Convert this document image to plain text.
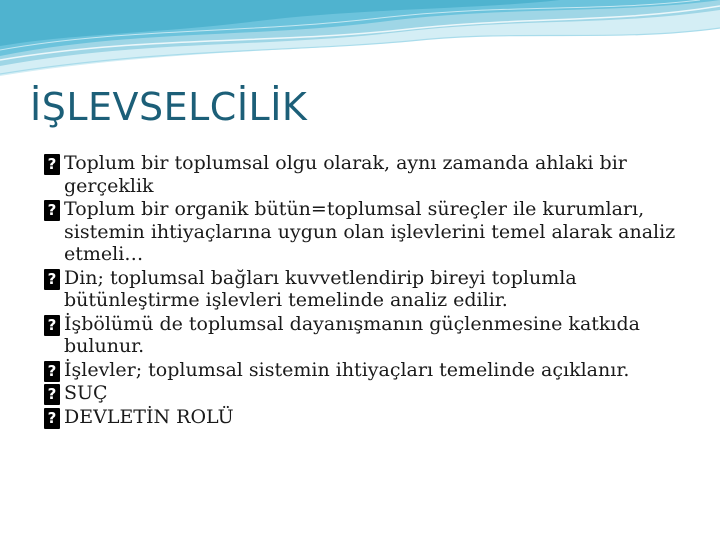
İŞLEVSELCİLİK
? Toplum bir toplumsal olgu olarak, aynı zamanda ahlaki bir gerçeklik
? Toplum bir organik bütün=toplumsal süreçler ile kurumları, sistemin ihtiyaçlarına uygun olan işlevlerini temel alarak analiz etmeli…
? Din; toplumsal bağları kuvvetlendirip bireyi toplumla bütünleştirme işlevleri temelinde analiz edilir.
? İşbölümü de toplumsal dayanışmanın güçlenmesine katkıda bulunur.
? İşlevler; toplumsal sistemin ihtiyaçları temelinde açıklanır.
? SUÇ
? DEVLETİN ROLÜ
